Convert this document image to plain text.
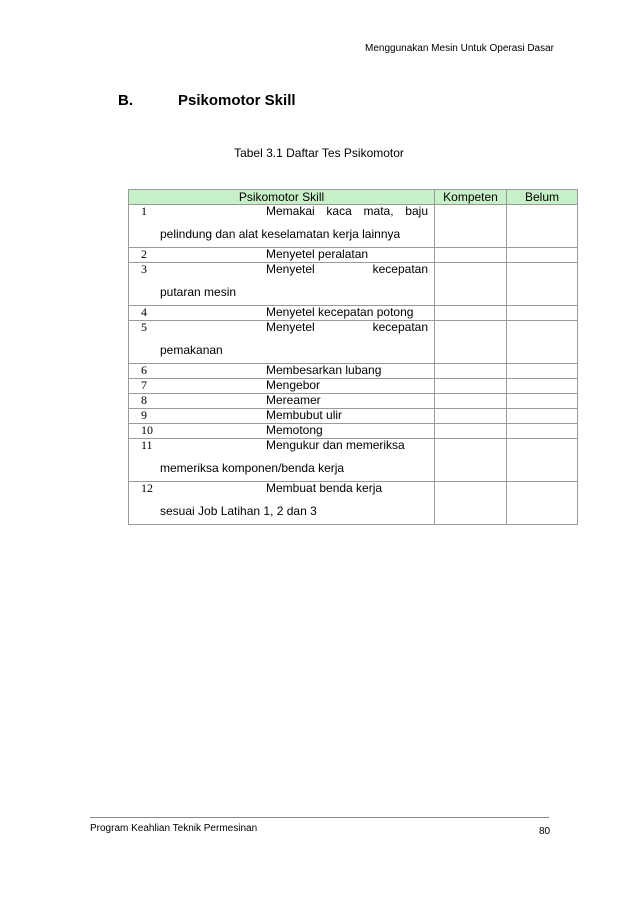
Menggunakan Mesin Untuk Operasi Dasar
B.	Psikomotor Skill
Tabel 3.1 Daftar Tes Psikomotor
Psikomotor Skill	Kompeten	Belum

1 Memakai kaca mata, baju
pelindung dan alat keselamatan kerja lainnya		

2 Menyetel peralatan		

3 Menyetel kecepatan
putaran mesin		

4 Menyetel kecepatan potong		

5 Menyetel kecepatan
pemakanan		

6 Membesarkan lubang		

7 Mengebor		

8 Mereamer		

9 Membubut ulir		

10 Memotong		

11 Mengukur dan memeriksa
memeriksa komponen/benda kerja		

12 Membuat benda kerja
sesuai Job Latihan 1, 2 dan 3		

Program Keahlian Teknik Permesinan	80
